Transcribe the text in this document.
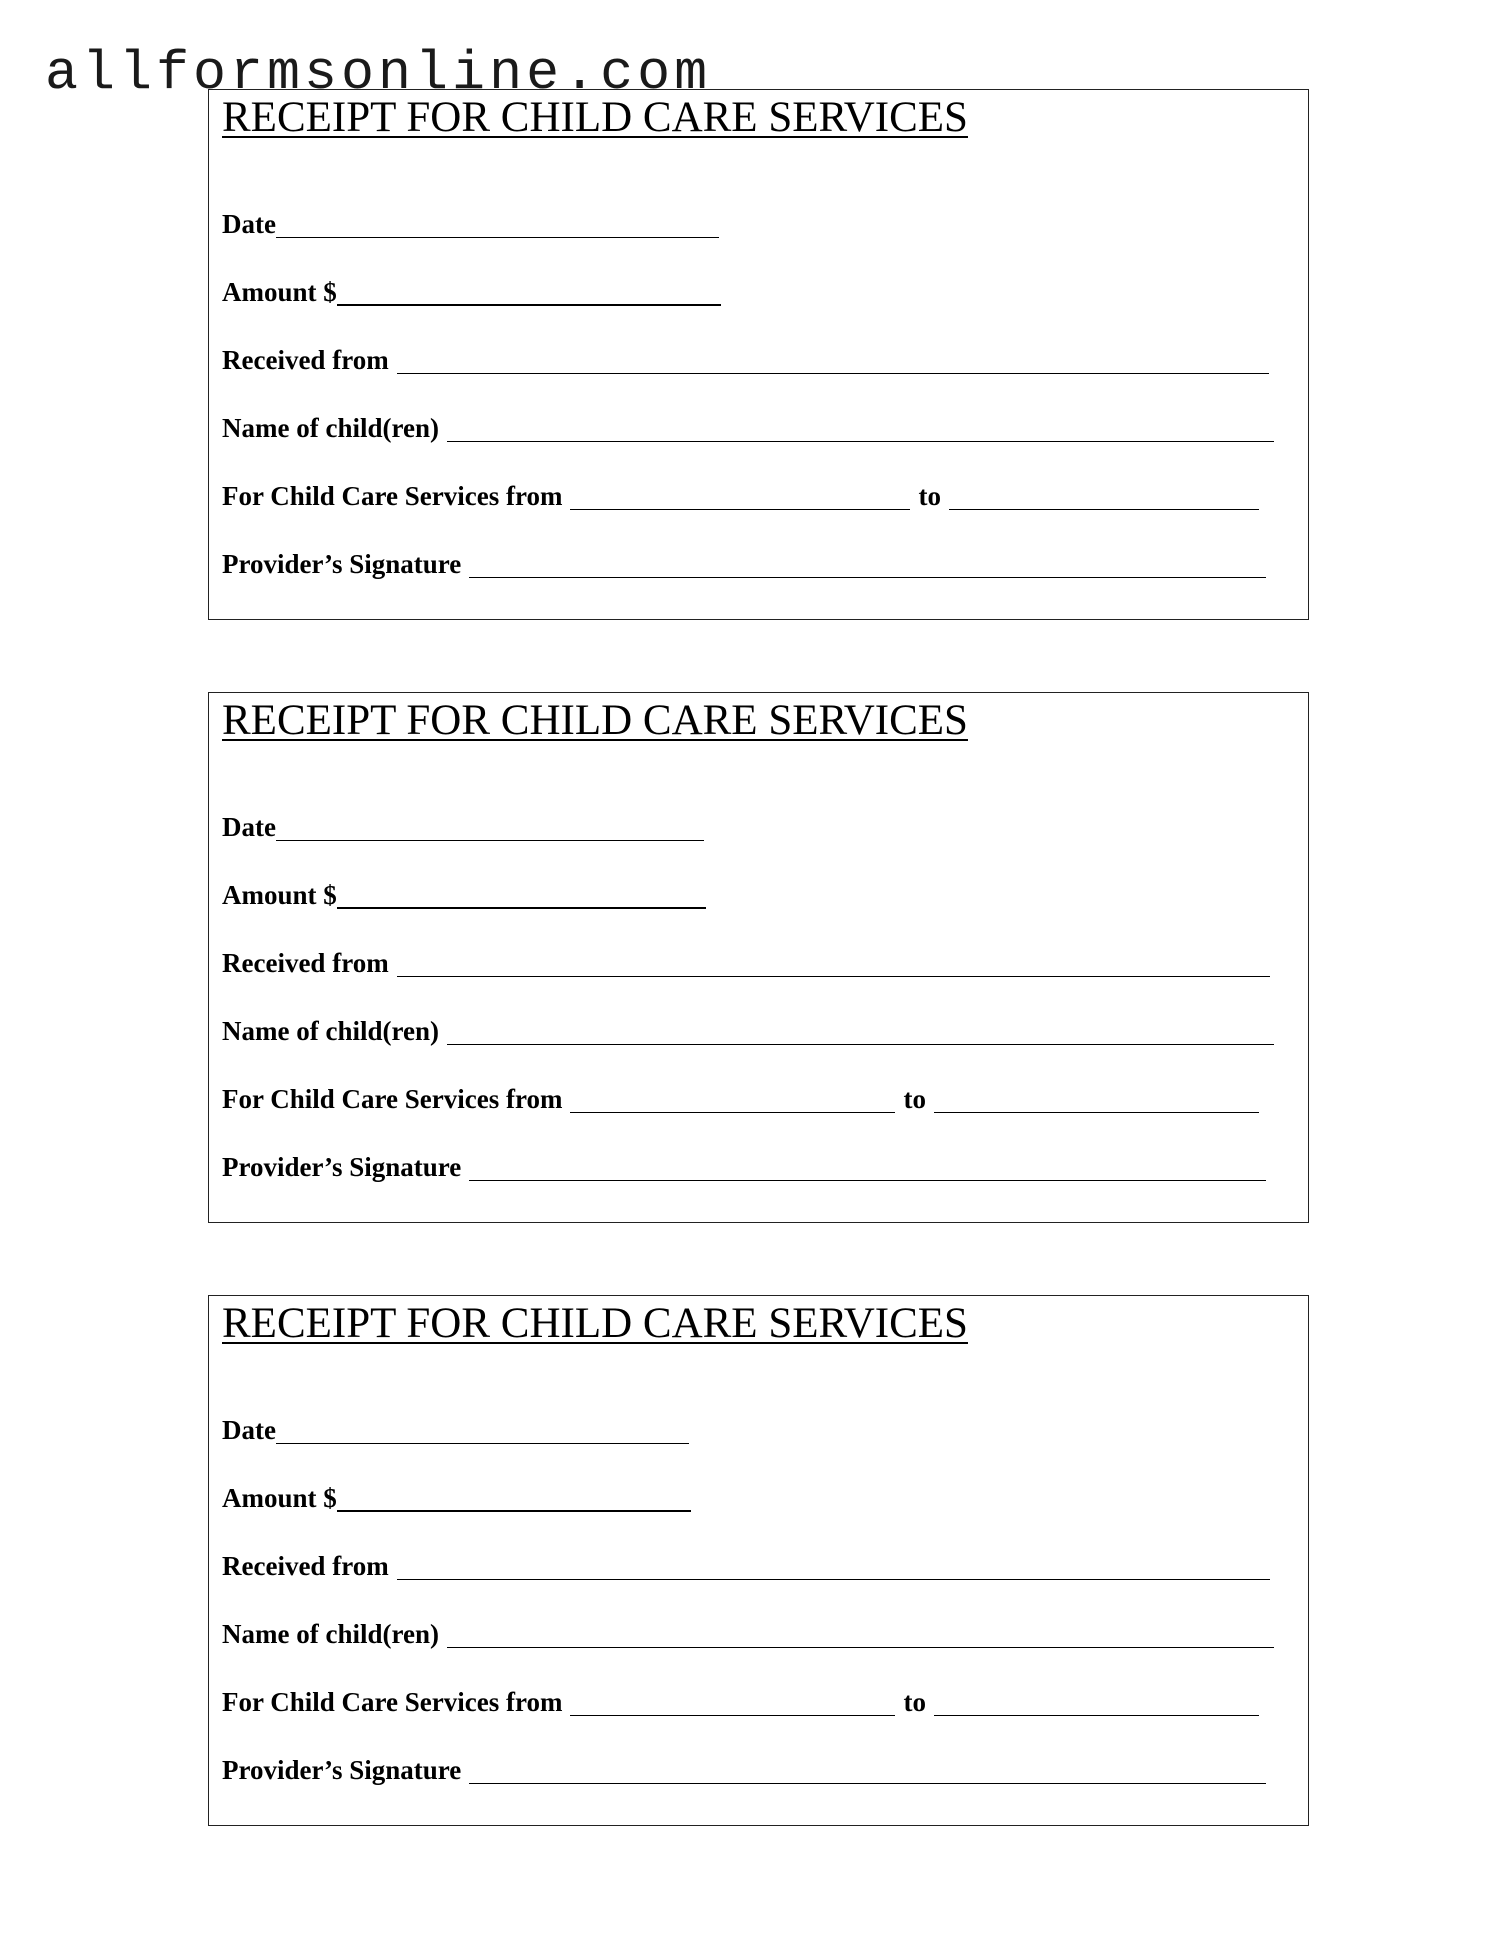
allformsonline.com
RECEIPT FOR CHILD CARE SERVICES
Date
Amount $
Received from
Name of child(ren)
For Child Care Services from	to
Provider’s Signature
RECEIPT FOR CHILD CARE SERVICES
Date
Amount $
Received from
Name of child(ren)
For Child Care Services from	to
Provider’s Signature
RECEIPT FOR CHILD CARE SERVICES
Date
Amount $
Received from
Name of child(ren)
For Child Care Services from	to
Provider’s Signature
